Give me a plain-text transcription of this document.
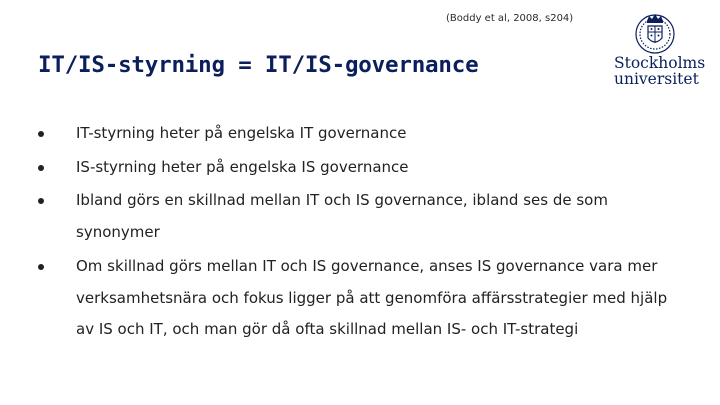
(Boddy et al, 2008, s204)
IT/IS-styrning = IT/IS-governance	Stockholms
universitet
IT-styrning heter på engelska IT governance
IS-styrning heter på engelska IS governance
Ibland görs en skillnad mellan IT och IS governance, ibland ses de som synonymer
Om skillnad görs mellan IT och IS governance, anses IS governance vara mer verksamhetsnära och fokus ligger på att genomföra affärsstrategier med hjälp av IS och IT, och man gör då ofta skillnad mellan IS- och IT-strategi
